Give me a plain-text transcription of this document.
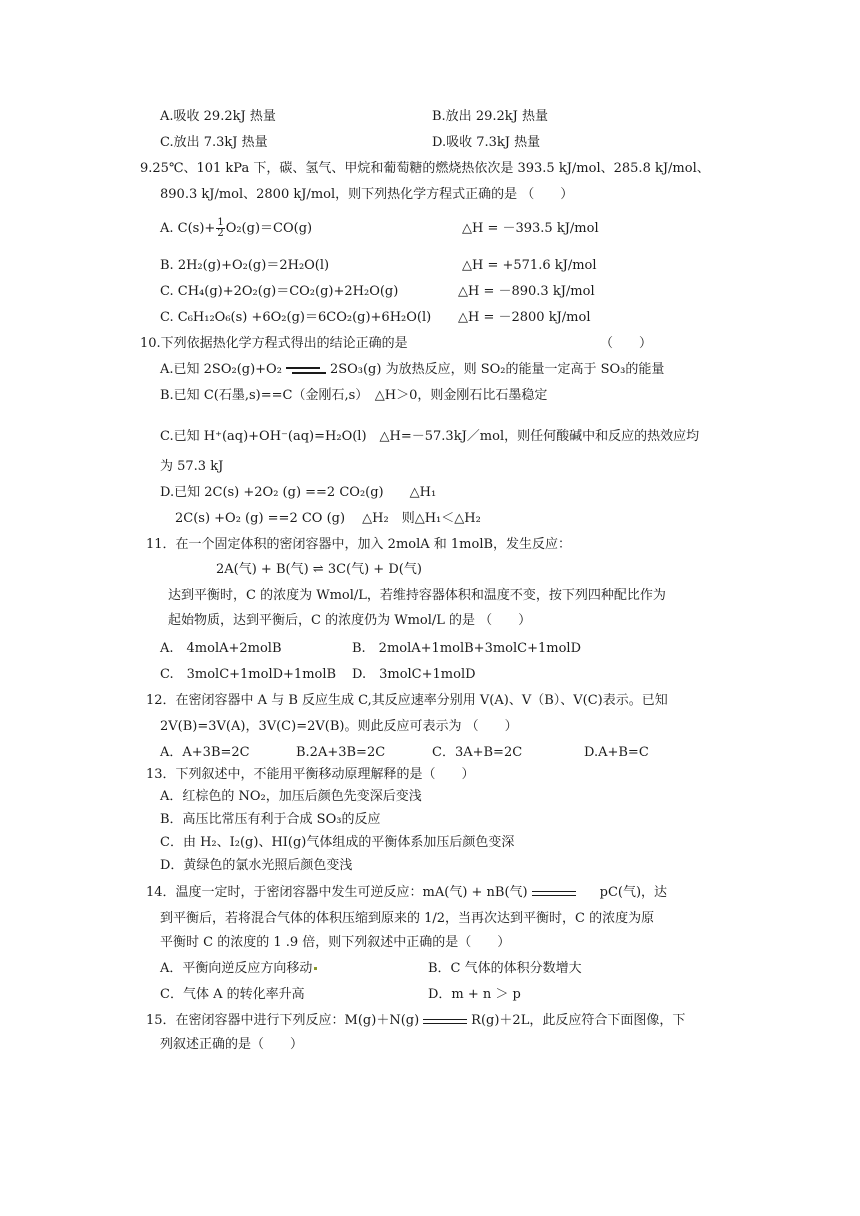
A.吸收 29.2kJ 热量	B.放出 29.2kJ 热量
C.放出 7.3kJ 热量	D.吸收 7.3kJ 热量
9.25℃、101 kPa 下，碳、氢气、甲烷和葡萄糖的燃烧热依次是 393.5 kJ/mol、285.8 kJ/mol、
890.3 kJ/mol、2800 kJ/mol，则下列热化学方程式正确的是 （　　）
A. $C(s)+ \frac{1}{2} O_2(g)=CO(g)$	△H = －393.5 kJ/mol
B. 2H₂(g)+O₂(g)＝2H₂O(l)	△H = +571.6 kJ/mol
C. CH₄(g)+2O₂(g)＝CO₂(g)+2H₂O(g)	△H = －890.3 kJ/mol
C. C₆H₁₂O₆(s) +6O₂(g)＝6CO₂(g)+6H₂O(l) △H = －2800 kJ/mol
10.下列依据热化学方程式得出的结论正确的是	（　　）
A.已知 2SO₂(g)+O₂	2SO₃(g) 为放热反应，则 SO₂的能量一定高于 SO₃的能量
B.已知 C(石墨,s)==C（金刚石,s）　△H＞0，则金刚石比石墨稳定
C.已知 H⁺(aq)+OH⁻(aq)=H₂O(l)　△H=－57.3kJ／mol，则任何酸碱中和反应的热效应均
为 57.3 kJ
D.已知 2C(s) +2O₂ (g) ==2 CO₂(g)　　△H₁
2C(s) +O₂ (g) ==2 CO (g)　 △H₂　则△H₁＜△H₂
11．在一个固定体积的密闭容器中，加入 2molA 和 1molB，发生反应：
2A(气) + B(气) ⇌ 3C(气) + D(气)
达到平衡时，C 的浓度为 Wmol/L，若维持容器体积和温度不变，按下列四种配比作为
起始物质，达到平衡后，C 的浓度仍为 Wmol/L 的是 （　　）
A.　4molA+2molB	B.　2molA+1molB+3molC+1molD
C.　3molC+1molD+1molB D.　3molC+1molD
12．在密闭容器中 A 与 B 反应生成 C,其反应速率分别用 V(A)、V（B）、V(C)表示。已知
2V(B)=3V(A)，3V(C)=2V(B)。则此反应可表示为 （　　）
A．A+3B=2C	B.2A+3B=2C	C．3A+B=2C	D.A+B=C
13．下列叙述中，不能用平衡移动原理解释的是（　　）
A．红棕色的 NO₂，加压后颜色先变深后变浅
B．高压比常压有利于合成 SO₃的反应
C．由 H₂、I₂(g)、HI(g)气体组成的平衡体系加压后颜色变深
D．黄绿色的氯水光照后颜色变浅
14．温度一定时，于密闭容器中发生可逆反应：mA(气) + nB(气)	pC(气)，达
到平衡后，若将混合气体的体积压缩到原来的 1/2，当再次达到平衡时，C 的浓度为原
平衡时 C 的浓度的 1 .9 倍，则下列叙述中正确的是（　　）
A．平衡向逆反应方向移动	B．C 气体的体积分数增大
C．气体 A 的转化率升高	D．m + n ＞ p
15．在密闭容器中进行下列反应：M(g)＋N(g)	R(g)＋2L，此反应符合下面图像，下
列叙述正确的是（　　）
